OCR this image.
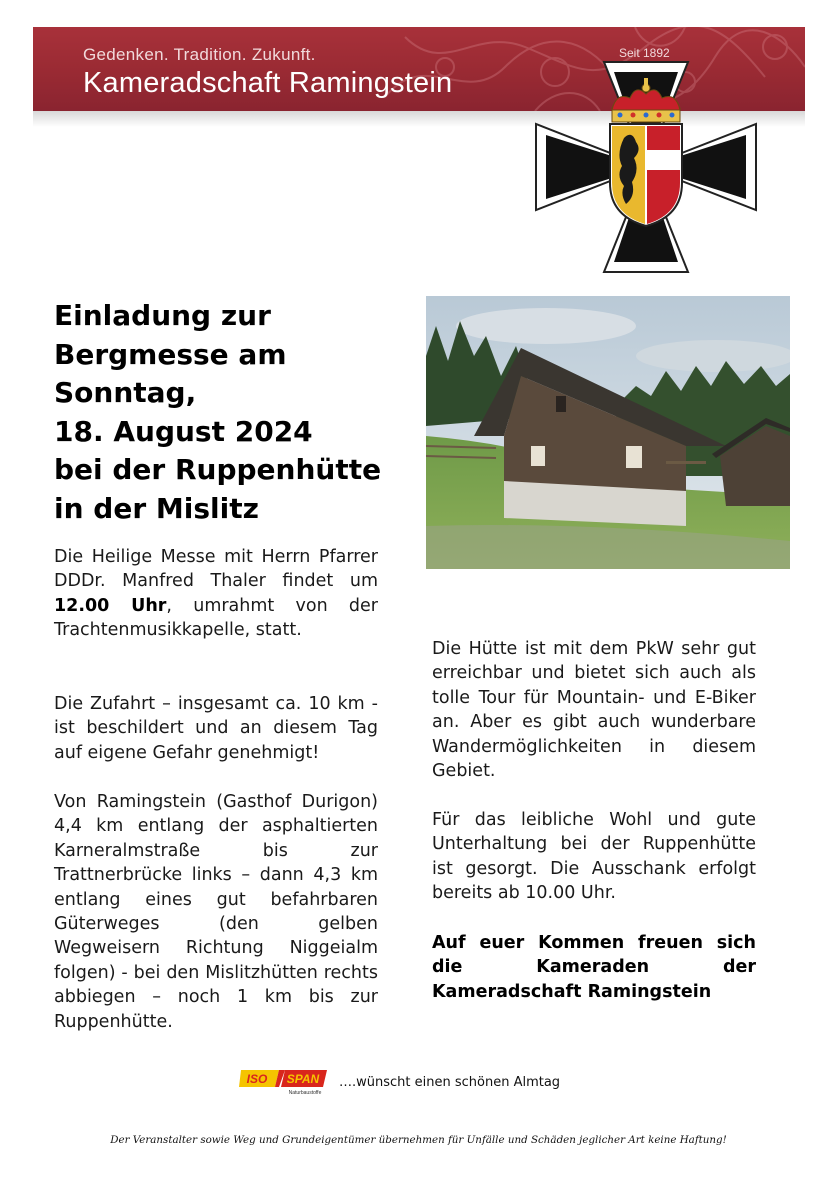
Gedenken. Tradition. Zukunft.
Kameradschaft Ramingstein
Seit 1892
Einladung zur
Bergmesse am
Sonntag,
18. August 2024
bei der Ruppenhütte
in der Mislitz
Die Heilige Messe mit Herrn Pfarrer DDDr. Manfred Thaler findet um 12.00 Uhr, umrahmt von der Trachtenmusikkapelle, statt.
Die Zufahrt – insgesamt ca. 10 km - ist beschildert und an diesem Tag auf eigene Gefahr genehmigt!
Von Ramingstein (Gasthof Durigon) 4,4 km entlang der asphaltierten Karneralmstraße bis zur Trattnerbrücke links – dann 4,3 km entlang eines gut befahrbaren Güterweges (den gelben Wegweisern Richtung Niggeialm folgen) - bei den Mislitzhütten rechts abbiegen – noch 1 km bis zur Ruppenhütte.
Die Hütte ist mit dem PkW sehr gut erreichbar und bietet sich auch als tolle Tour für Mountain- und E-Biker an. Aber es gibt auch wunderbare Wandermöglichkeiten in diesem Gebiet.
Für das leibliche Wohl und gute Unterhaltung bei der Ruppenhütte ist gesorgt. Die Ausschank erfolgt bereits ab 10.00 Uhr.
Auf euer Kommen freuen sich die Kameraden der Kameradschaft Ramingstein
ISO SPAN
Naturbaustoffe
….wünscht einen schönen Almtag
Der Veranstalter sowie Weg und Grundeigentümer übernehmen für Unfälle und Schäden jeglicher Art keine Haftung!
